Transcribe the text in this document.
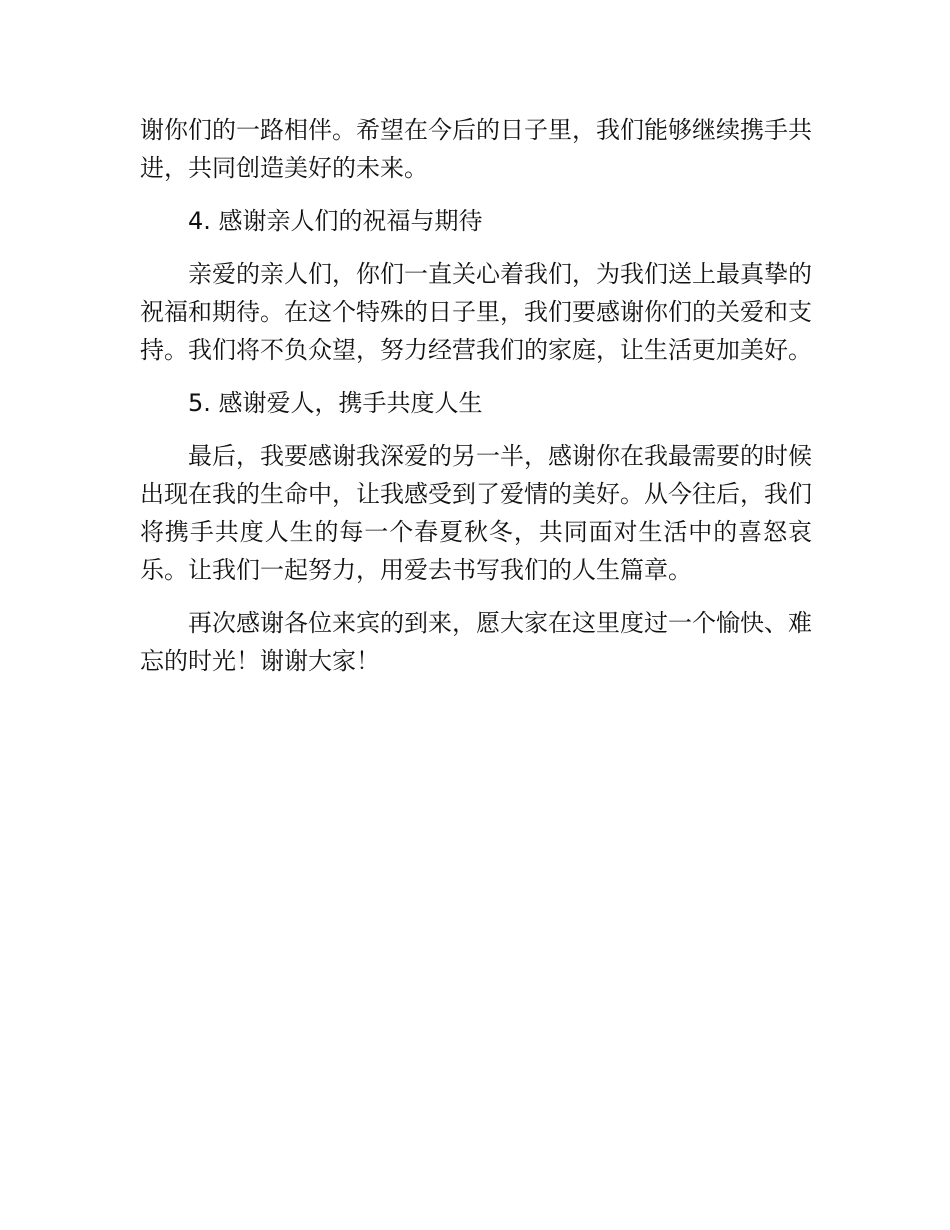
谢你们的一路相伴。希望在今后的日子里，我们能够继续携手共进，共同创造美好的未来。

4. 感谢亲人们的祝福与期待

亲爱的亲人们，你们一直关心着我们，为我们送上最真挚的祝福和期待。在这个特殊的日子里，我们要感谢你们的关爱和支持。我们将不负众望，努力经营我们的家庭，让生活更加美好。

5. 感谢爱人，携手共度人生

最后，我要感谢我深爱的另一半，感谢你在我最需要的时候出现在我的生命中，让我感受到了爱情的美好。从今往后，我们将携手共度人生的每一个春夏秋冬，共同面对生活中的喜怒哀乐。让我们一起努力，用爱去书写我们的人生篇章。

再次感谢各位来宾的到来，愿大家在这里度过一个愉快、难忘的时光！谢谢大家！
